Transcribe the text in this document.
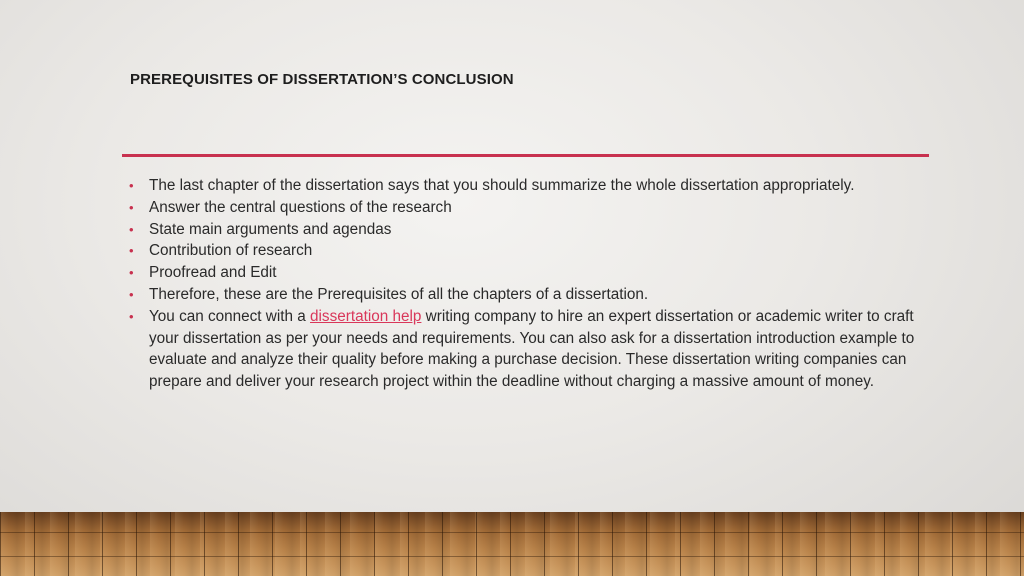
PREREQUISITES OF DISSERTATION’S CONCLUSION
• The last chapter of the dissertation says that you should summarize the whole dissertation appropriately.
• Answer the central questions of the research
• State main arguments and agendas
• Contribution of research
• Proofread and Edit
• Therefore, these are the Prerequisites of all the chapters of a dissertation.
• You can connect with a dissertation help writing company to hire an expert dissertation or academic writer to craft your dissertation as per your needs and requirements. You can also ask for a dissertation introduction example to evaluate and analyze their quality before making a purchase decision. These dissertation writing companies can prepare and deliver your research project within the deadline without charging a massive amount of money.
